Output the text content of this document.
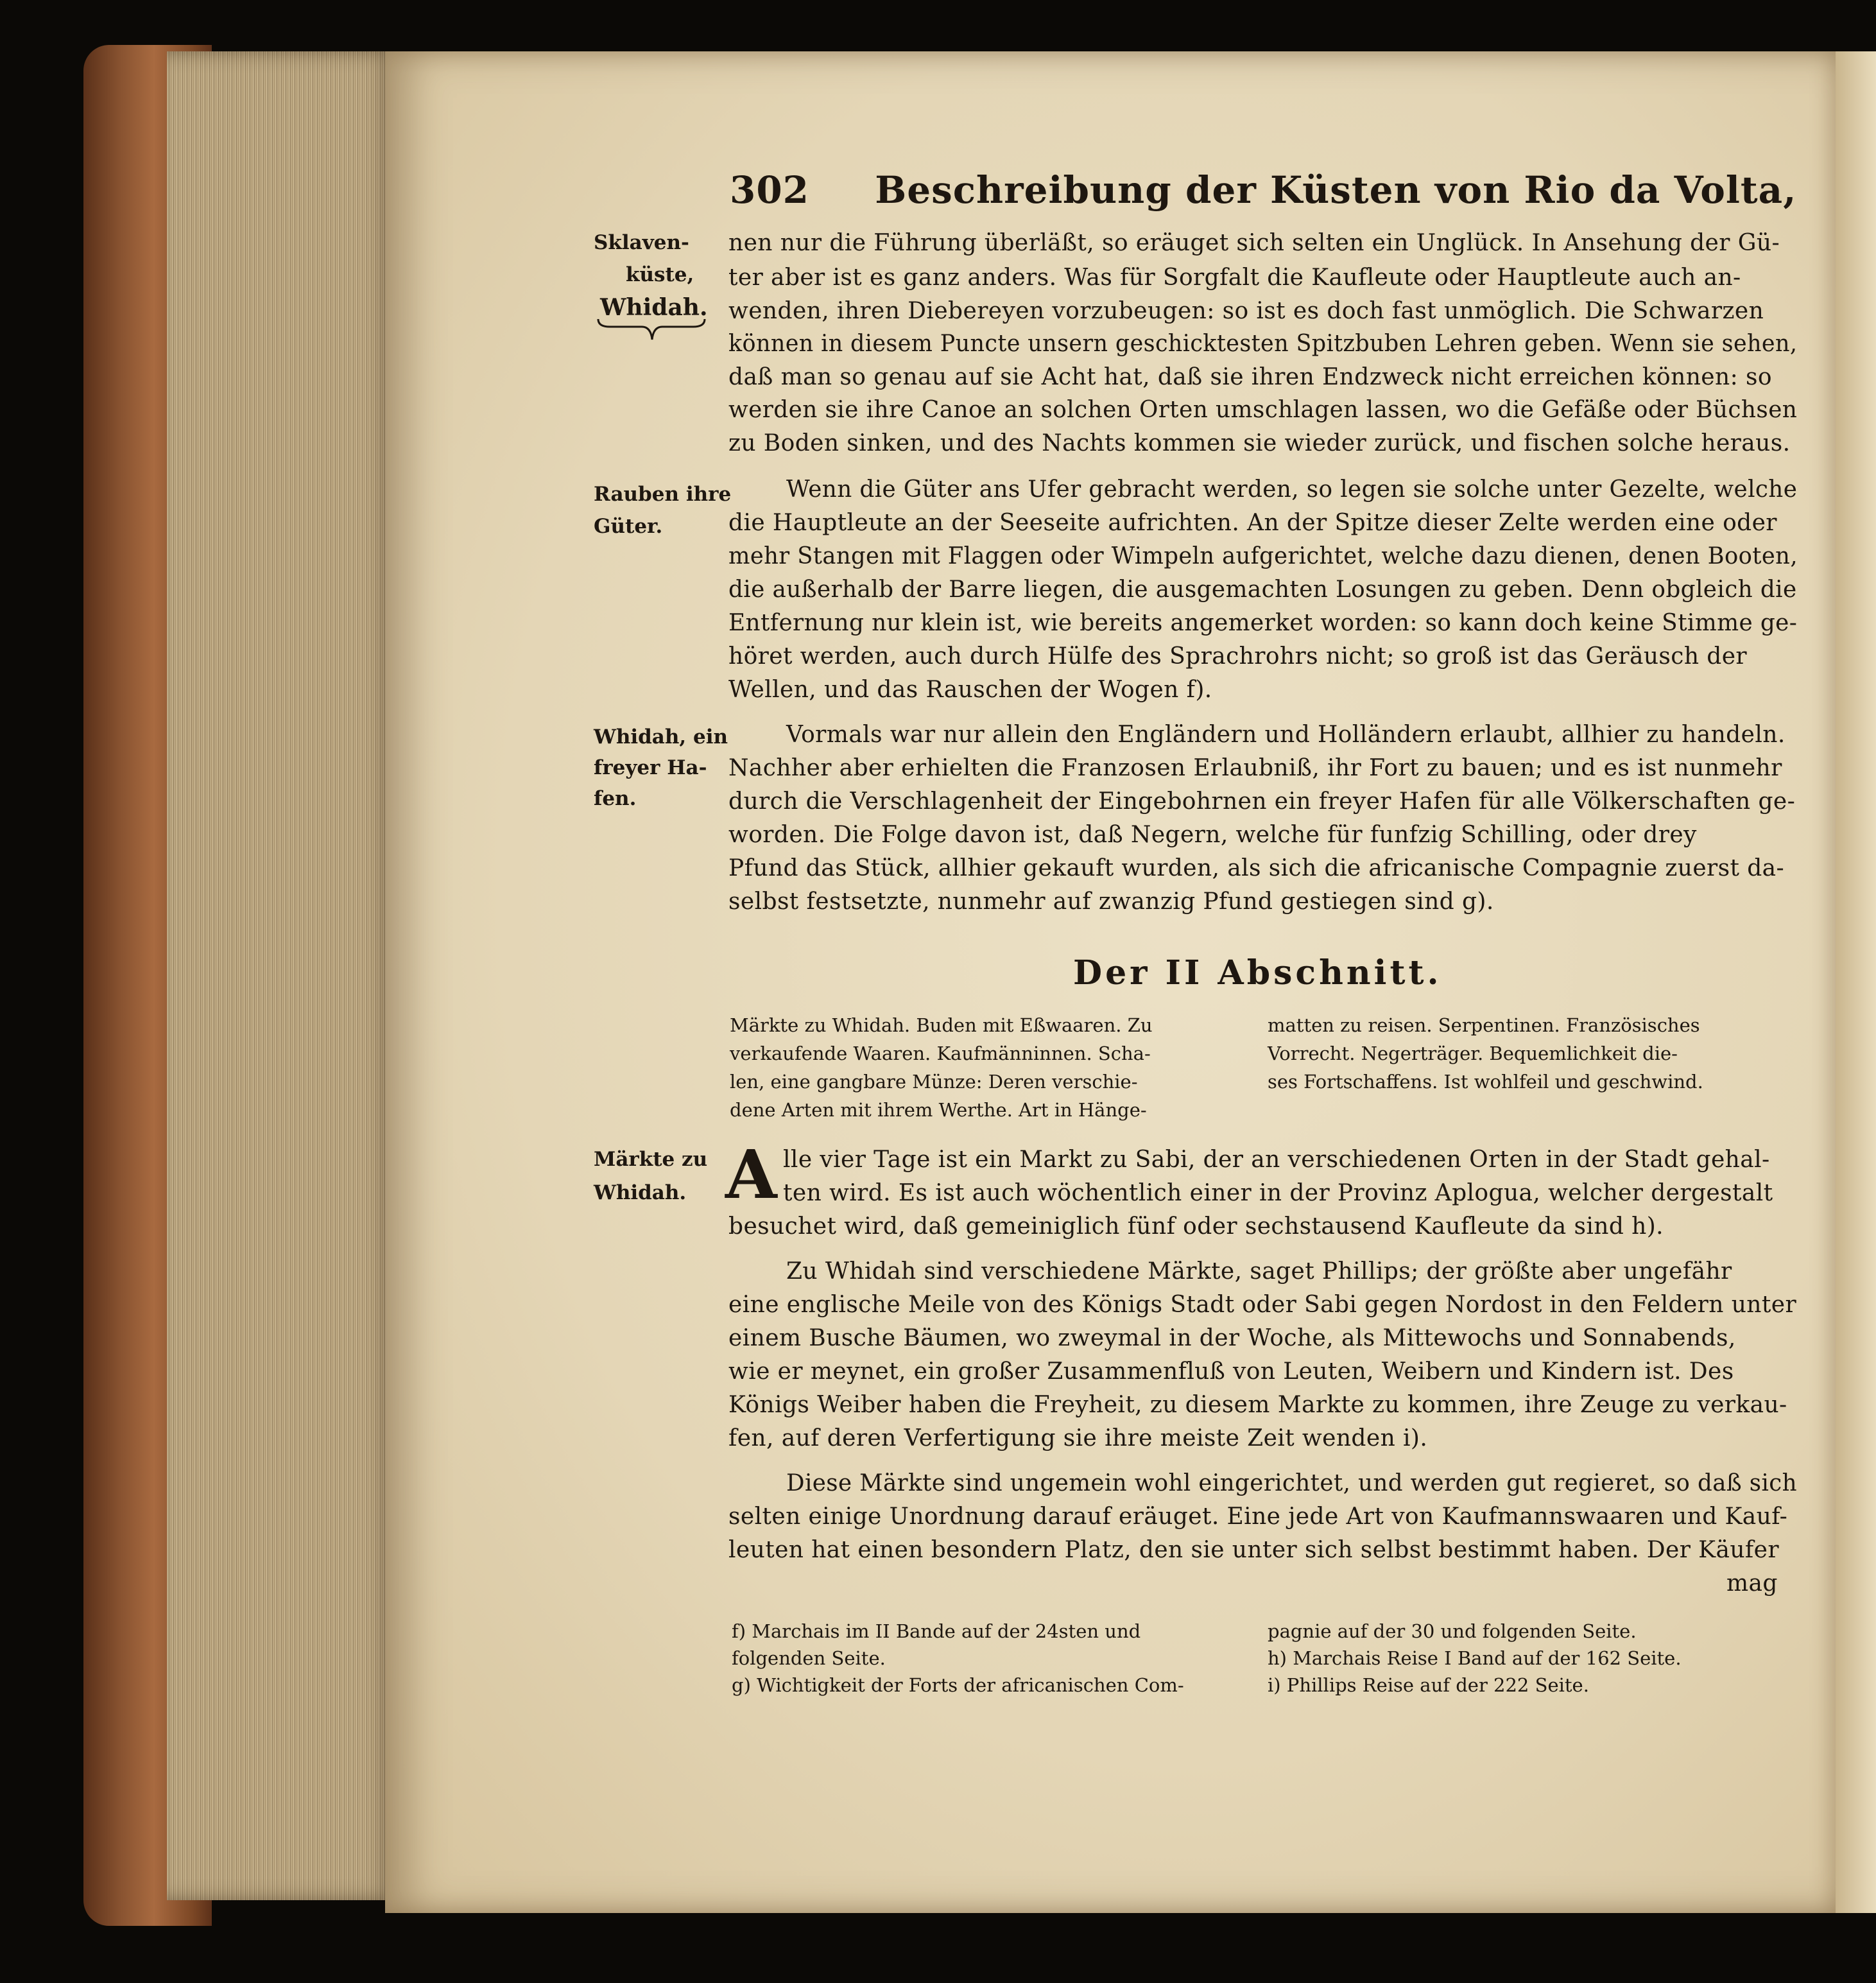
302 Beschreibung der Küsten von Rio da Volta,
Sklaven-
küste,
Whidah.
Rauben ihre
Güter.
Whidah, ein
freyer Ha-
fen.
Märkte zu
Whidah.
nen nur die Führung überläßt, so eräuget sich selten ein Unglück. In Ansehung der Gü-
ter aber ist es ganz anders. Was für Sorgfalt die Kaufleute oder Hauptleute auch an-
wenden, ihren Diebereyen vorzubeugen: so ist es doch fast unmöglich. Die Schwarzen
können in diesem Puncte unsern geschicktesten Spitzbuben Lehren geben. Wenn sie sehen,
daß man so genau auf sie Acht hat, daß sie ihren Endzweck nicht erreichen können: so
werden sie ihre Canoe an solchen Orten umschlagen lassen, wo die Gefäße oder Büchsen
zu Boden sinken, und des Nachts kommen sie wieder zurück, und fischen solche heraus.
Wenn die Güter ans Ufer gebracht werden, so legen sie solche unter Gezelte, welche
die Hauptleute an der Seeseite aufrichten. An der Spitze dieser Zelte werden eine oder
mehr Stangen mit Flaggen oder Wimpeln aufgerichtet, welche dazu dienen, denen Booten,
die außerhalb der Barre liegen, die ausgemachten Losungen zu geben. Denn obgleich die
Entfernung nur klein ist, wie bereits angemerket worden: so kann doch keine Stimme ge-
höret werden, auch durch Hülfe des Sprachrohrs nicht; so groß ist das Geräusch der
Wellen, und das Rauschen der Wogen f).
Vormals war nur allein den Engländern und Holländern erlaubt, allhier zu handeln.
Nachher aber erhielten die Franzosen Erlaubniß, ihr Fort zu bauen; und es ist nunmehr
durch die Verschlagenheit der Eingebohrnen ein freyer Hafen für alle Völkerschaften ge-
worden. Die Folge davon ist, daß Negern, welche für funfzig Schilling, oder drey
Pfund das Stück, allhier gekauft wurden, als sich die africanische Compagnie zuerst da-
selbst festsetzte, nunmehr auf zwanzig Pfund gestiegen sind g).
Der II Abschnitt.
Märkte zu Whidah. Buden mit Eßwaaren. Zu
verkaufende Waaren. Kaufmänninnen. Scha-
len, eine gangbare Münze: Deren verschie-
dene Arten mit ihrem Werthe. Art in Hänge-
matten zu reisen. Serpentinen. Französisches
Vorrecht. Negerträger. Bequemlichkeit die-
ses Fortschaffens. Ist wohlfeil und geschwind.
A lle vier Tage ist ein Markt zu Sabi, der an verschiedenen Orten in der Stadt gehal-
ten wird. Es ist auch wöchentlich einer in der Provinz Aplogua, welcher dergestalt
besuchet wird, daß gemeiniglich fünf oder sechstausend Kaufleute da sind h).
Zu Whidah sind verschiedene Märkte, saget Phillips; der größte aber ungefähr
eine englische Meile von des Königs Stadt oder Sabi gegen Nordost in den Feldern unter
einem Busche Bäumen, wo zweymal in der Woche, als Mittewochs und Sonnabends,
wie er meynet, ein großer Zusammenfluß von Leuten, Weibern und Kindern ist. Des
Königs Weiber haben die Freyheit, zu diesem Markte zu kommen, ihre Zeuge zu verkau-
fen, auf deren Verfertigung sie ihre meiste Zeit wenden i).
Diese Märkte sind ungemein wohl eingerichtet, und werden gut regieret, so daß sich
selten einige Unordnung darauf eräuget. Eine jede Art von Kaufmannswaaren und Kauf-
leuten hat einen besondern Platz, den sie unter sich selbst bestimmt haben. Der Käufer
mag
f) Marchais im II Bande auf der 24sten und
folgenden Seite.
g) Wichtigkeit der Forts der africanischen Com-
pagnie auf der 30 und folgenden Seite.
h) Marchais Reise I Band auf der 162 Seite.
i) Phillips Reise auf der 222 Seite.
